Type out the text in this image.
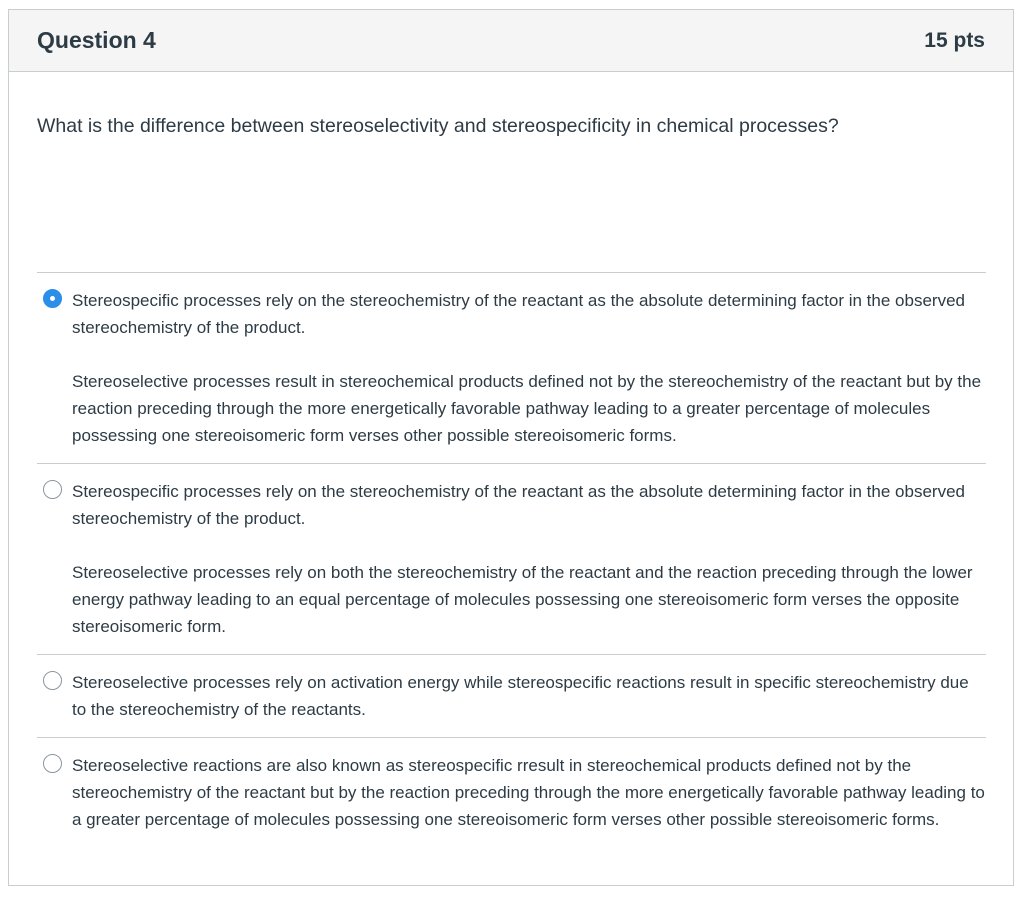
Question 4	15 pts
What is the difference between stereoselectivity and stereospecificity in chemical processes?

Stereospecific processes rely on the stereochemistry of the reactant as the absolute determining factor in the observed stereochemistry of the product.

Stereoselective processes result in stereochemical products defined not by the stereochemistry of the reactant but by the reaction preceding through the more energetically favorable pathway leading to a greater percentage of molecules possessing one stereoisomeric form verses other possible stereoisomeric forms.

Stereospecific processes rely on the stereochemistry of the reactant as the absolute determining factor in the observed stereochemistry of the product.

Stereoselective processes rely on both the stereochemistry of the reactant and the reaction preceding through the lower energy pathway leading to an equal percentage of molecules possessing one stereoisomeric form verses the opposite stereoisomeric form.

Stereoselective processes rely on activation energy while stereospecific reactions result in specific stereochemistry due to the stereochemistry of the reactants.

Stereoselective reactions are also known as stereospecific rresult in stereochemical products defined not by the stereochemistry of the reactant but by the reaction preceding through the more energetically favorable pathway leading to a greater percentage of molecules possessing one stereoisomeric form verses other possible stereoisomeric forms.
